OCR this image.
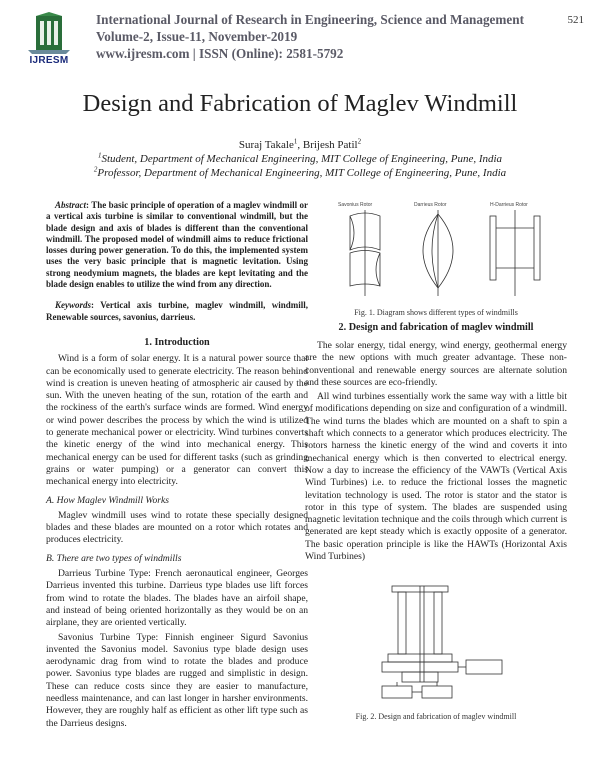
IJRESM
International Journal of Research in Engineering, Science and Management
Volume-2, Issue-11, November-2019
www.ijresm.com | ISSN (Online): 2581-5792
521
Design and Fabrication of Maglev Windmill
Suraj Takale$^1$, Brijesh Patil$^2$
$^1$Student, Department of Mechanical Engineering, MIT College of Engineering, Pune, India
$^2$Professor, Department of Mechanical Engineering, MIT College of Engineering, Pune, India
Abstract: The basic principle of operation of a maglev windmill or a vertical axis turbine is similar to conventional windmill, but the blade design and axis of blades is different than the conventional windmill. The proposed model of windmill aims to reduce frictional losses during power generation. To do this, the implemented system uses the very basic principle that is magnetic levitation. Using strong neodymium magnets, the blades are kept levitating and the blade design enables to utilize the wind from any direction.
Keywords: Vertical axis turbine, maglev windmill, windmill, Renewable sources, savonius, darrieus.
1. Introduction

Wind is a form of solar energy. It is a natural power source that can be economically used to generate electricity. The reason behind wind is creation is uneven heating of atmospheric air caused by the sun. With the uneven heating of the sun, rotation of the earth and the rockiness of the earth's surface winds are formed. Wind energy or wind power describes the process by which the wind is utilized to generate mechanical power or electricity. Wind turbines converts the kinetic energy of the wind into mechanical energy. This mechanical energy can be used for different tasks (such as grinding grains or water pumping) or a generator can convert this mechanical energy into electricity.

A. How Maglev Windmill Works

Maglev windmill uses wind to rotate these specially designed blades and these blades are mounted on a rotor which rotates and produces electricity.

B. There are two types of windmills

Darrieus Turbine Type: French aeronautical engineer, Georges Darrieus invented this turbine. Darrieus type blades use lift forces from wind to rotate the blades. The blades have an airfoil shape, and instead of being oriented horizontally as they would be on an airplane, they are oriented vertically.

Savonius Turbine Type: Finnish engineer Sigurd Savonius invented the Savonius model. Savonius type blade design uses aerodynamic drag from wind to rotate the blades and produce power. Savonius type blades are rugged and simplistic in design. These can reduce costs since they are easier to manufacture, needless maintenance, and can last longer in harsher environments. However, they are roughly half as efficient as other lift type such as the Darrieus designs.

Savonius Rotor	Darrieus Rotor	H-Darrieus Rotor
Fig. 1. Diagram shows different types of windmills
2. Design and fabrication of maglev windmill

The solar energy, tidal energy, wind energy, geothermal energy are the new options with much greater advantage. These non-conventional and renewable energy sources are alternate solution and these sources are eco-friendly.

All wind turbines essentially work the same way with a little bit of modifications depending on size and configuration of a windmill. The wind turns the blades which are mounted on a shaft to spin a shaft which connects to a generator which produces electricity. The rotors harness the kinetic energy of the wind and coverts it into mechanical energy which is then converted to electrical energy. Now a day to increase the efficiency of the VAWTs (Vertical Axis Wind Turbines) i.e. to reduce the frictional losses the magnetic levitation technology is used. The rotor is stator and the stator is rotor in this type of system. The blades are suspended using magnetic levitation technique and the coils through which current is generated are kept steady which is exactly opposite of a generator. The basic operation principle is like the HAWTs (Horizontal Axis Wind Turbines)

Fig. 2. Design and fabrication of maglev windmill
